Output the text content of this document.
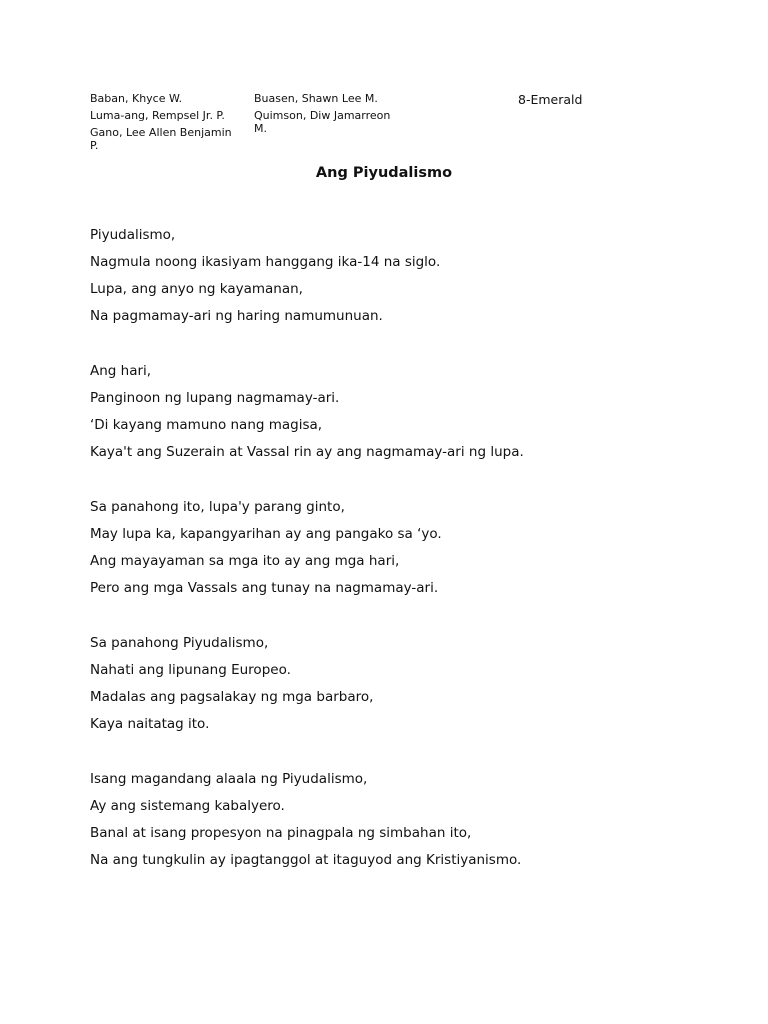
Baban, Khyce W.
Luma-ang, Rempsel Jr. P.
Gano, Lee Allen Benjamin P.
Buasen, Shawn Lee M.
Quimson, Diw Jamarreon M.
8-Emerald
Ang Piyudalismo
Piyudalismo,
Nagmula noong ikasiyam hanggang ika-14 na siglo.
Lupa, ang anyo ng kayamanan,
Na pagmamay-ari ng haring namumunuan.
Ang hari,
Panginoon ng lupang nagmamay-ari.
‘Di kayang mamuno nang magisa,
Kaya't ang Suzerain at Vassal rin ay ang nagmamay-ari ng lupa.
Sa panahong ito, lupa'y parang ginto,
May lupa ka, kapangyarihan ay ang pangako sa ‘yo.
Ang mayayaman sa mga ito ay ang mga hari,
Pero ang mga Vassals ang tunay na nagmamay-ari.
Sa panahong Piyudalismo,
Nahati ang lipunang Europeo.
Madalas ang pagsalakay ng mga barbaro,
Kaya naitatag ito.
Isang magandang alaala ng Piyudalismo,
Ay ang sistemang kabalyero.
Banal at isang propesyon na pinagpala ng simbahan ito,
Na ang tungkulin ay ipagtanggol at itaguyod ang Kristiyanismo.
